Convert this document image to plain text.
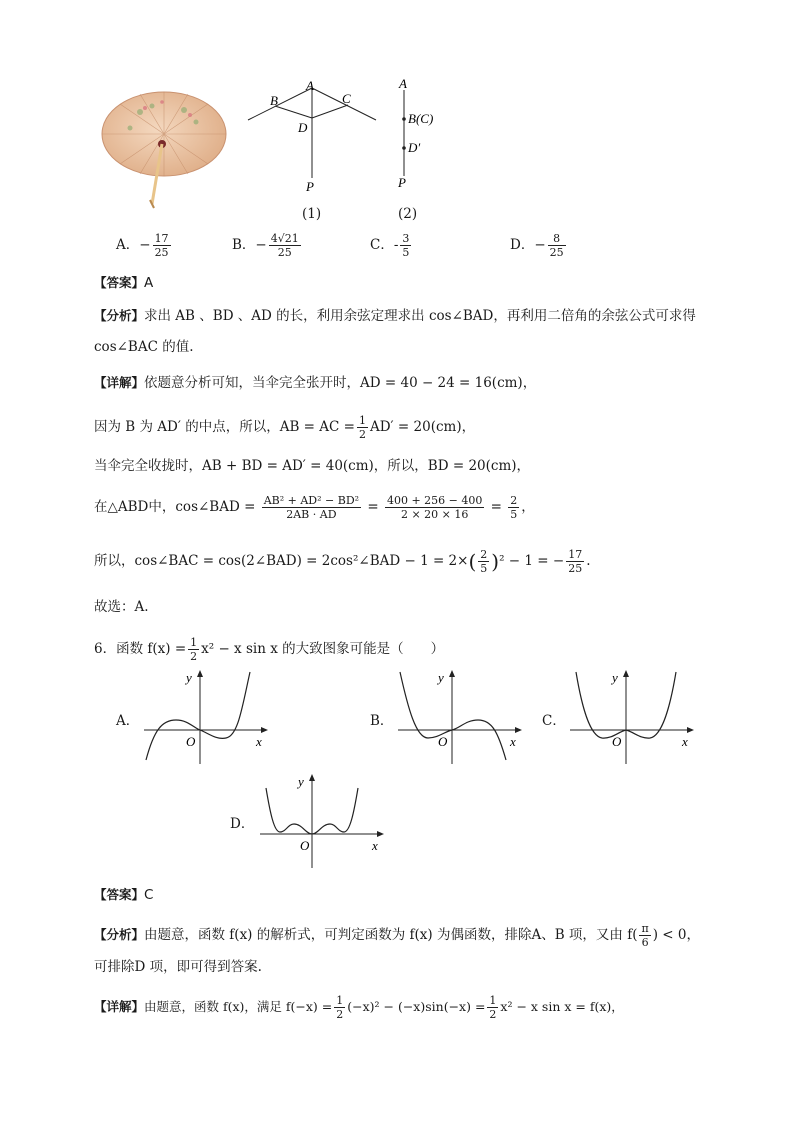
A
B	C
D
P
A
B(C)
D′
P
(1)	(2)
A．− $\frac{17}{25}$	B．− $\frac{4√21}{25}$	C．- $\frac{3}{5}$	D．− $\frac{8}{25}$
【答案】A
【分析】求出 AB 、BD 、AD 的长，利用余弦定理求出 cos∠BAD，再利用二倍角的余弦公式可求得
cos∠BAC 的值.
【详解】依题意分析可知，当伞完全张开时，AD = 40 − 24 = 16(cm)，
因为 B 为 AD′ 的中点，所以，AB = AC = $\frac{1}{2} AD' = 20(cm)$，
当伞完全收拢时，AB + BD = AD′ = 40(cm)，所以，BD = 20(cm)，
在△ABD中，cos∠BAD = $\frac{\text{AB² + AD² − BD²}}{2AB \cdot AD} = \frac{400 + 256 - 400}{2 \times 20 \times 16} = \frac{2}{5}$ ，
所以，cos∠BAC = cos(2∠BAD) = 2cos²∠BAD − $1 = 2\times( \frac{2}{5} )^2 - 1$ = − $\frac{17}{25}$ .
故选：A.
6．函数 $f(x) = \frac{1}{2} x^2 - x$ sin x 的大致图象可能是（　　）
A．
y
O	x
B．
y
O	x
C．
y
O	x
D．
y
O	x
【答案】C
【分析】由题意，函数 f(x) 的解析式，可判定函数为 f(x) 为偶函数，排除A、B 项，又由 $f( \frac{\pi}{6}$ ) < 0，
可排除D 项，即可得到答案.
【详解】由题意，函数 f(x)，满足 $f(-x) = \frac{1}{2} (-x)^2 - (-x)\sin(-x) = \frac{1}{2} x^2 - x$ sin x = f(x)，
